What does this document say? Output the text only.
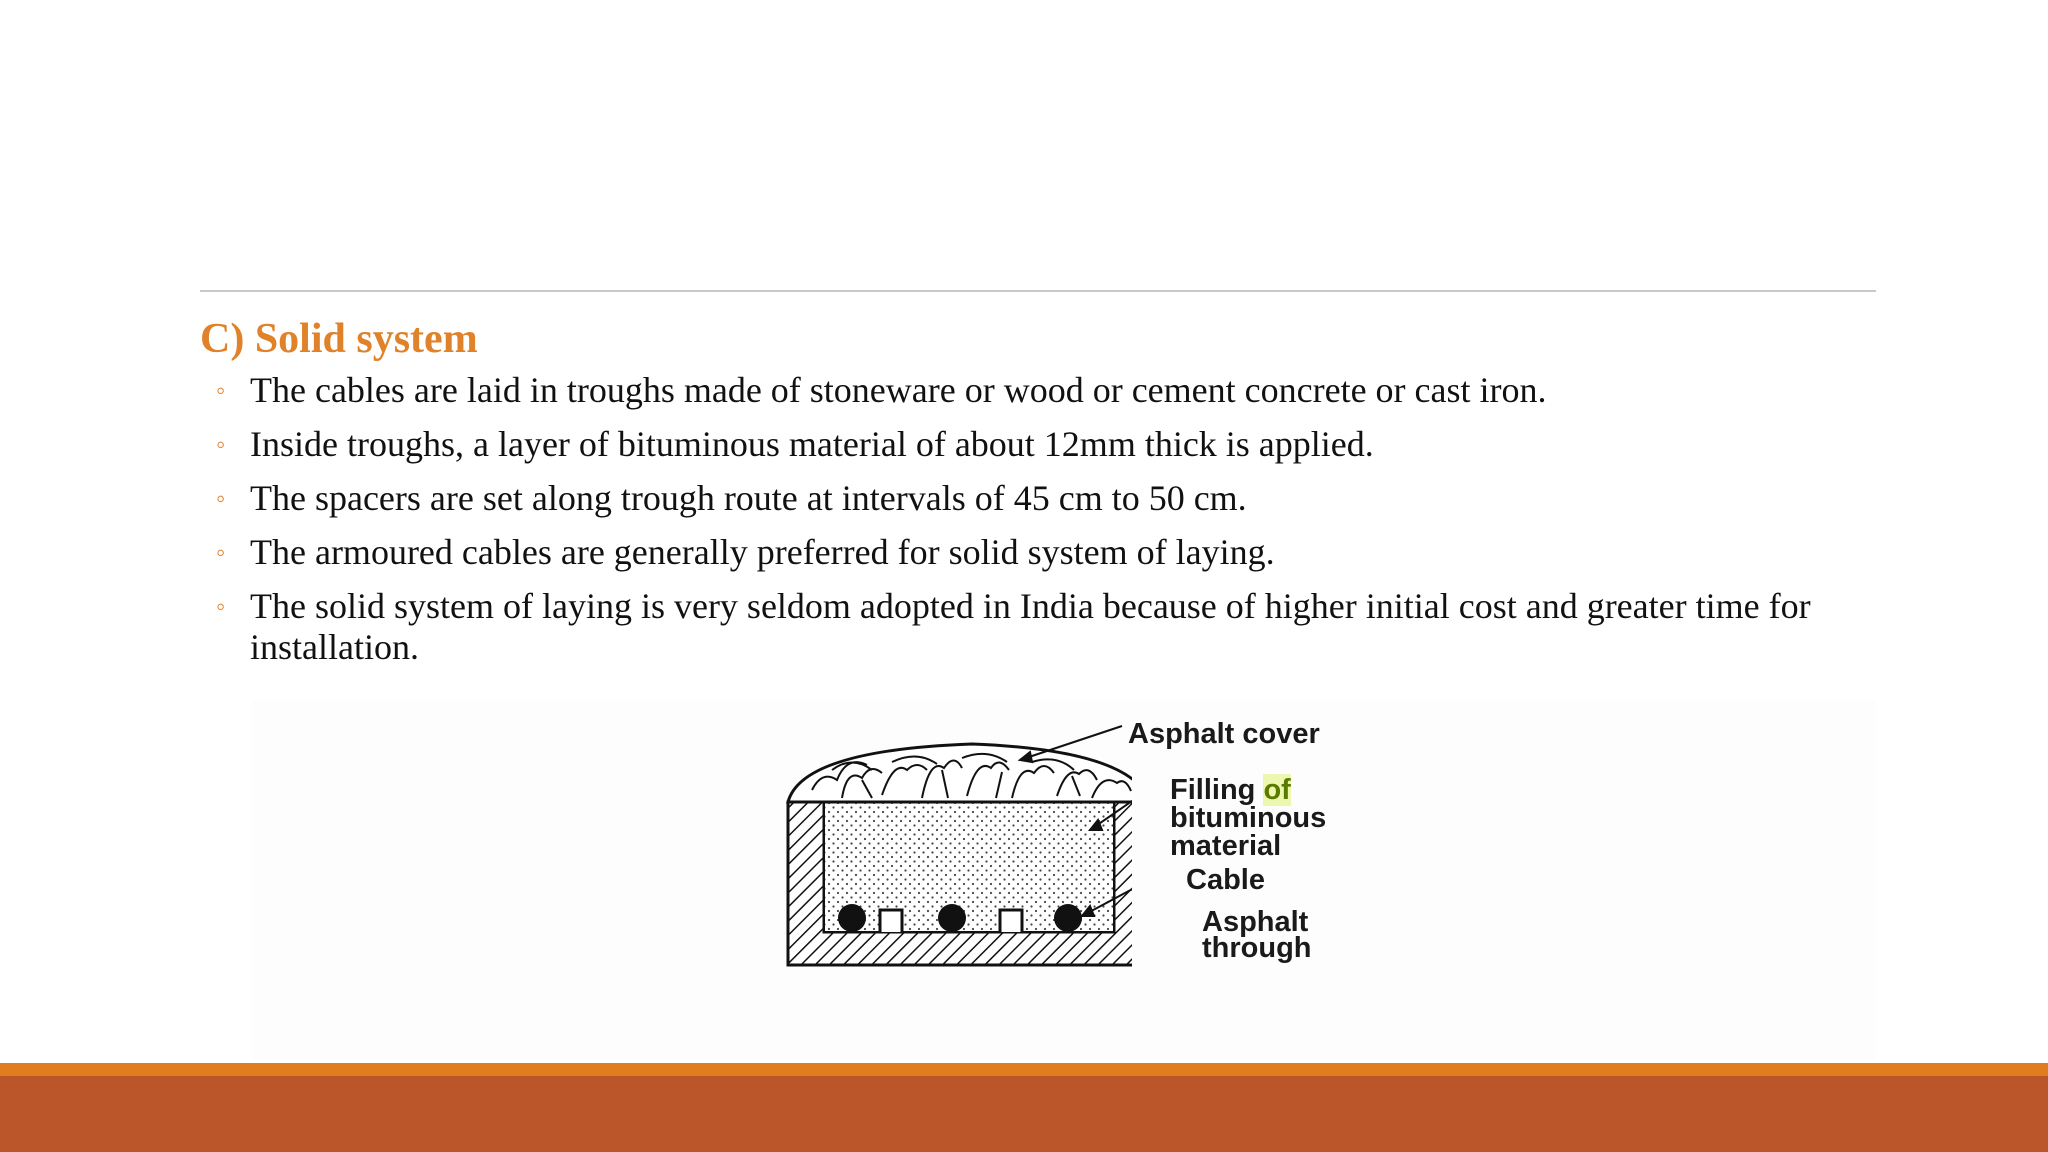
C) Solid system
◦ The cables are laid in troughs made of stoneware or wood or cement concrete or cast iron.
◦ Inside troughs, a layer of bituminous material of about 12mm thick is applied.
◦ The spacers are set along trough route at intervals of 45 cm to 50 cm.
◦ The armoured cables are generally preferred for solid system of laying.
◦ The solid system of laying is very seldom adopted in India because of higher initial cost and greater time for installation.
Asphalt cover
Filling of
bituminous
material
Cable
Asphalt
through
